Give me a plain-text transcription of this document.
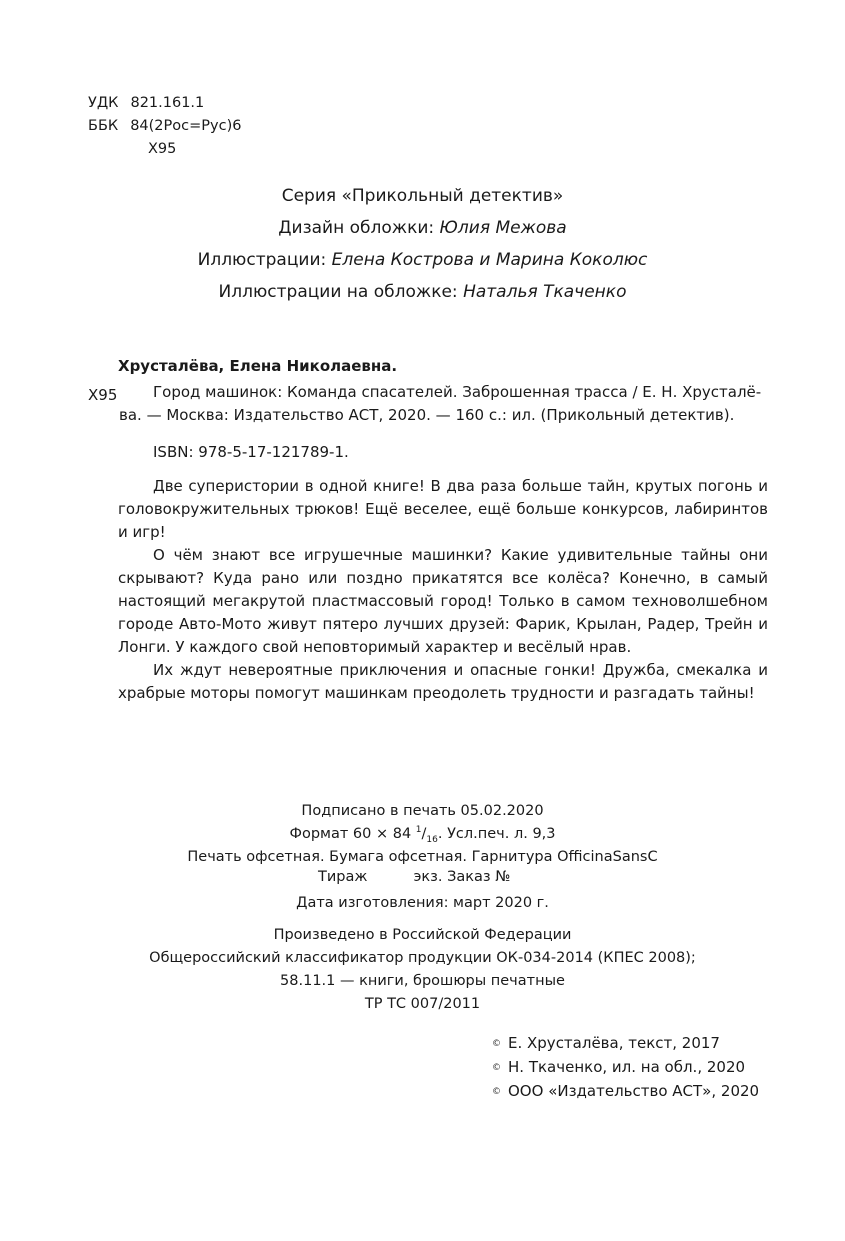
УДК 821.161.1
ББК 84(2Рос=Рус)6
Х95
Серия «Прикольный детектив»
Дизайн обложки: Юлия Межова
Иллюстрации: Елена Кострова и Марина Коколюс
Иллюстрации на обложке: Наталья Ткаченко
Хрусталёва, Елена Николаевна.
Х95 Город машинок: Команда спасателей. Заброшенная трасса / Е. Н. Хрусталё-

ва. — Москва: Издательство АСТ, 2020. — 160 с.: ил. (Прикольный детектив).

ISBN: 978-5-17-121789-1.

Две суперистории в одной книге! В два раза больше тайн, крутых погонь и головокружительных трюков! Ещё веселее, ещё больше конкурсов, лабиринтов и игр!

О чём знают все игрушечные машинки? Какие удивительные тайны они скрывают? Куда рано или поздно прикатятся все колёса? Конечно, в самый настоящий мегакрутой пластмассовый город! Только в самом техноволшебном городе Авто-Мото живут пятеро лучших друзей: Фарик, Крылан, Радер, Трейн и Лонги. У каждого свой неповторимый характер и весёлый нрав.

Их ждут невероятные приключения и опасные гонки! Дружба, смекалка и храбрые моторы помогут машинкам преодолеть трудности и разгадать тайны!

Подписано в печать 05.02.2020
Формат 60 × 84 $^1/_{16}$. Усл.печ. л. 9,3
Печать офсетная. Бумага офсетная. Гарнитура OfficinaSansC
Тираж	экз. Заказ №
Дата изготовления: март 2020 г.
Произведено в Российской Федерации
Общероссийский классификатор продукции ОК-034-2014 (КПЕС 2008);
58.11.1 — книги, брошюры печатные
ТР ТС 007/2011
© Е. Хрусталёва, текст, 2017
© Н. Ткаченко, ил. на обл., 2020
© ООО «Издательство АСТ», 2020
